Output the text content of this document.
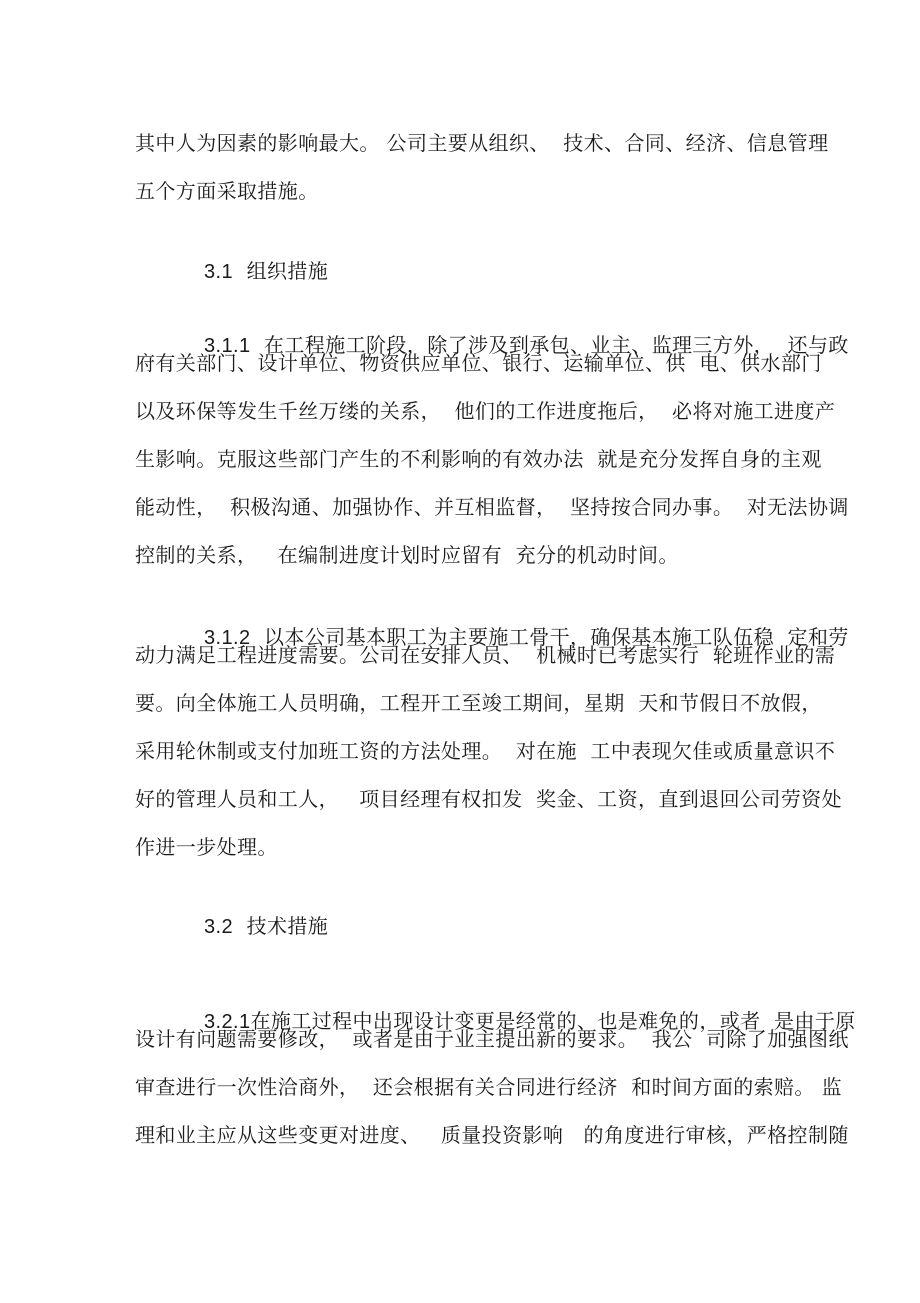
其中人为因素的影响最大。 公司主要从组织、  技术、合同、经济、信息管理
五个方面采取措施。

3.1 组织措施

3.1.1 在工程施工阶段，除了涉及到承包、业主、监理三方外，  还与政

府有关部门、设计单位、物资供应单位、银行、运输单位、供  电、供水部门
以及环保等发生千丝万缕的关系，  他们的工作进度拖后，  必将对施工进度产
生影响。克服这些部门产生的不利影响的有效办法  就是充分发挥自身的主观
能动性，  积极沟通、加强协作、并互相监督，  坚持按合同办事。  对无法协调
控制的关系，   在编制进度计划时应留有  充分的机动时间。

3.1.2 以本公司基本职工为主要施工骨干，确保基本施工队伍稳  定和劳

动力满足工程进度需要。公司在安排人员、  机械时已考虑实行  轮班作业的需
要。向全体施工人员明确，工程开工至竣工期间，星期  天和节假日不放假，
采用轮休制或支付加班工资的方法处理。  对在施  工中表现欠佳或质量意识不
好的管理人员和工人，   项目经理有权扣发  奖金、工资，直到退回公司劳资处
作进一步处理。

3.2 技术措施

3.2.1在施工过程中出现设计变更是经常的、也是难免的，或者  是由于原

设计有问题需要修改，  或者是由于业主提出新的要求。  我公  司除了加强图纸
审查进行一次性洽商外，  还会根据有关合同进行经济  和时间方面的索赔。 监
理和业主应从这些变更对进度、   质量投资影响   的角度进行审核，严格控制随
